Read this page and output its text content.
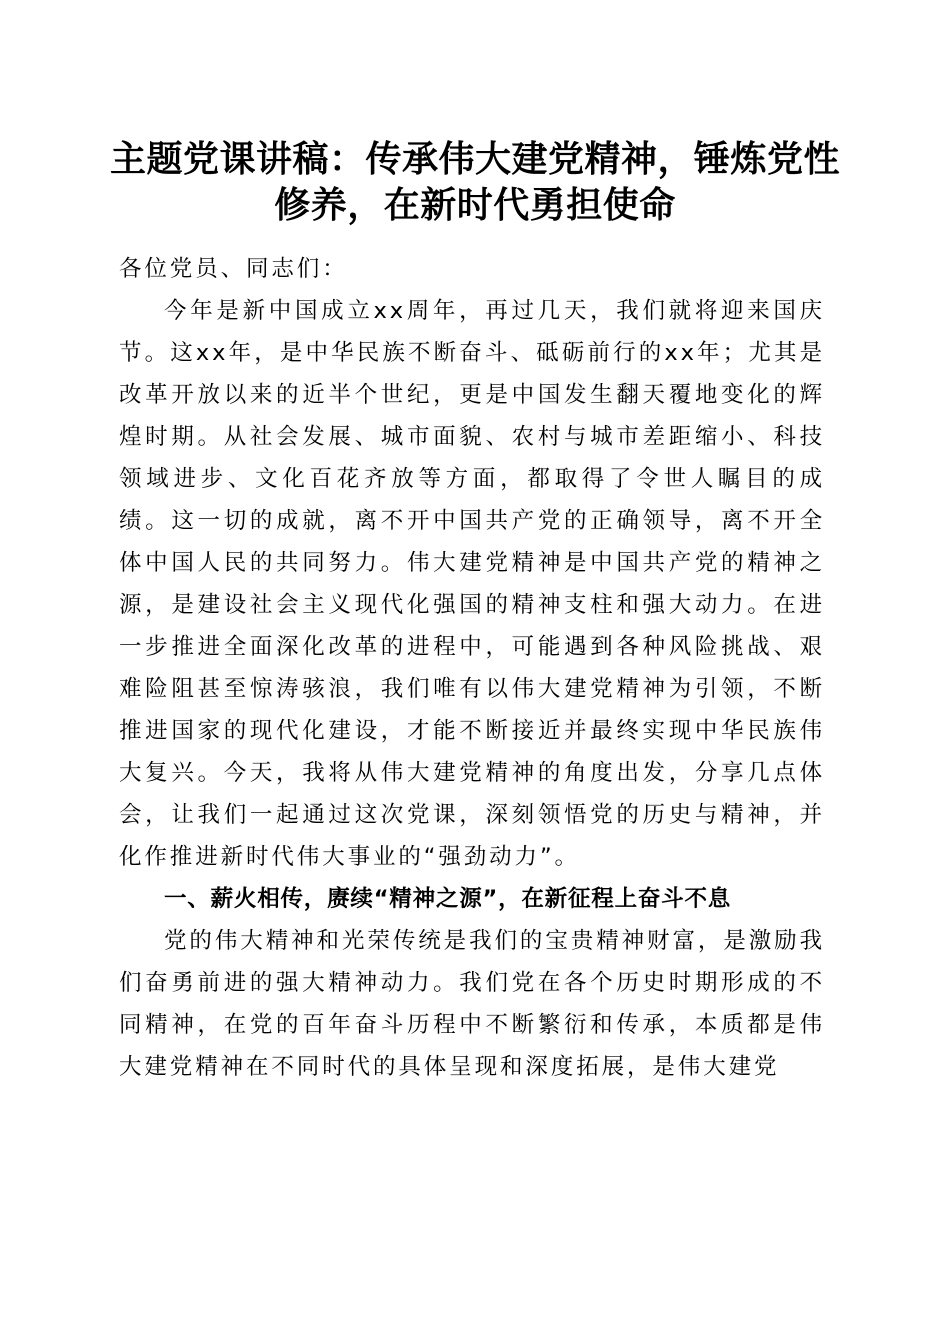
主题党课讲稿：传承伟大建党精神，锤炼党性
修养，在新时代勇担使命

各位党员、同志们：

今年是新中国成立xx周年，再过几天，我们就将迎来国庆节。这xx年，是中华民族不断奋斗、砥砺前行的xx年；尤其是改革开放以来的近半个世纪，更是中国发生翻天覆地变化的辉煌时期。从社会发展、城市面貌、农村与城市差距缩小、科技领域进步、文化百花齐放等方面，都取得了令世人瞩目的成绩。这一切的成就，离不开中国共产党的正确领导，离不开全体中国人民的共同努力。伟大建党精神是中国共产党的精神之源，是建设社会主义现代化强国的精神支柱和强大动力。在进一步推进全面深化改革的进程中，可能遇到各种风险挑战、艰难险阻甚至惊涛骇浪，我们唯有以伟大建党精神为引领，不断推进国家的现代化建设，才能不断接近并最终实现中华民族伟大复兴。今天，我将从伟大建党精神的角度出发，分享几点体会，让我们一起通过这次党课，深刻领悟党的历史与精神，并化作推进新时代伟大事业的“强劲动力”。

一、薪火相传，赓续“精神之源”，在新征程上奋斗不息

党的伟大精神和光荣传统是我们的宝贵精神财富，是激励我们奋勇前进的强大精神动力。我们党在各个历史时期形成的不同精神，在党的百年奋斗历程中不断繁衍和传承，本质都是伟大建党精神在不同时代的具体呈现和深度拓展，是伟大建党
